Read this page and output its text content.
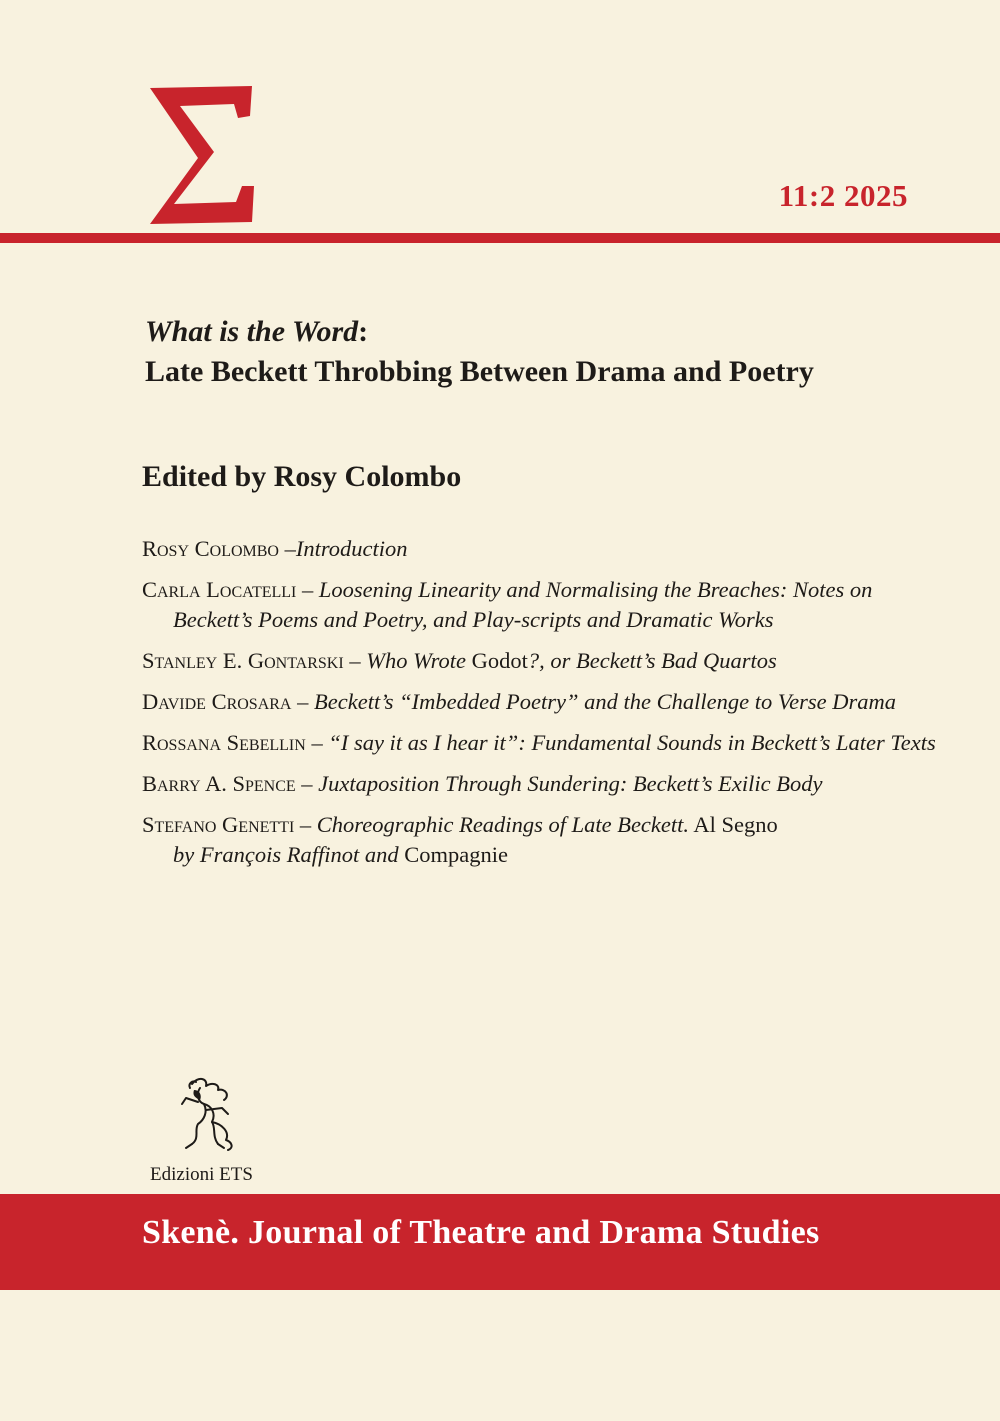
11:2 2025
What is the Word:
Late Beckett Throbbing Between Drama and Poetry
Edited by Rosy Colombo
Rosy Colombo –Introduction
Carla Locatelli – Loosening Linearity and Normalising the Breaches: Notes on Beckett’s Poems and Poetry, and Play-scripts and Dramatic Works
Stanley E. Gontarski – Who Wrote Godot?, or Beckett’s Bad Quartos
Davide Crosara – Beckett’s “Imbedded Poetry” and the Challenge to Verse Drama
Rossana Sebellin – “I say it as I hear it”: Fundamental Sounds in Beckett’s Later Texts
Barry A. Spence – Juxtaposition Through Sundering: Beckett’s Exilic Body
Stefano Genetti – Choreographic Readings of Late Beckett. Al Segno
by François Raffinot and Compagnie
Edizioni ETS
Skenè. Journal of Theatre and Drama Studies
